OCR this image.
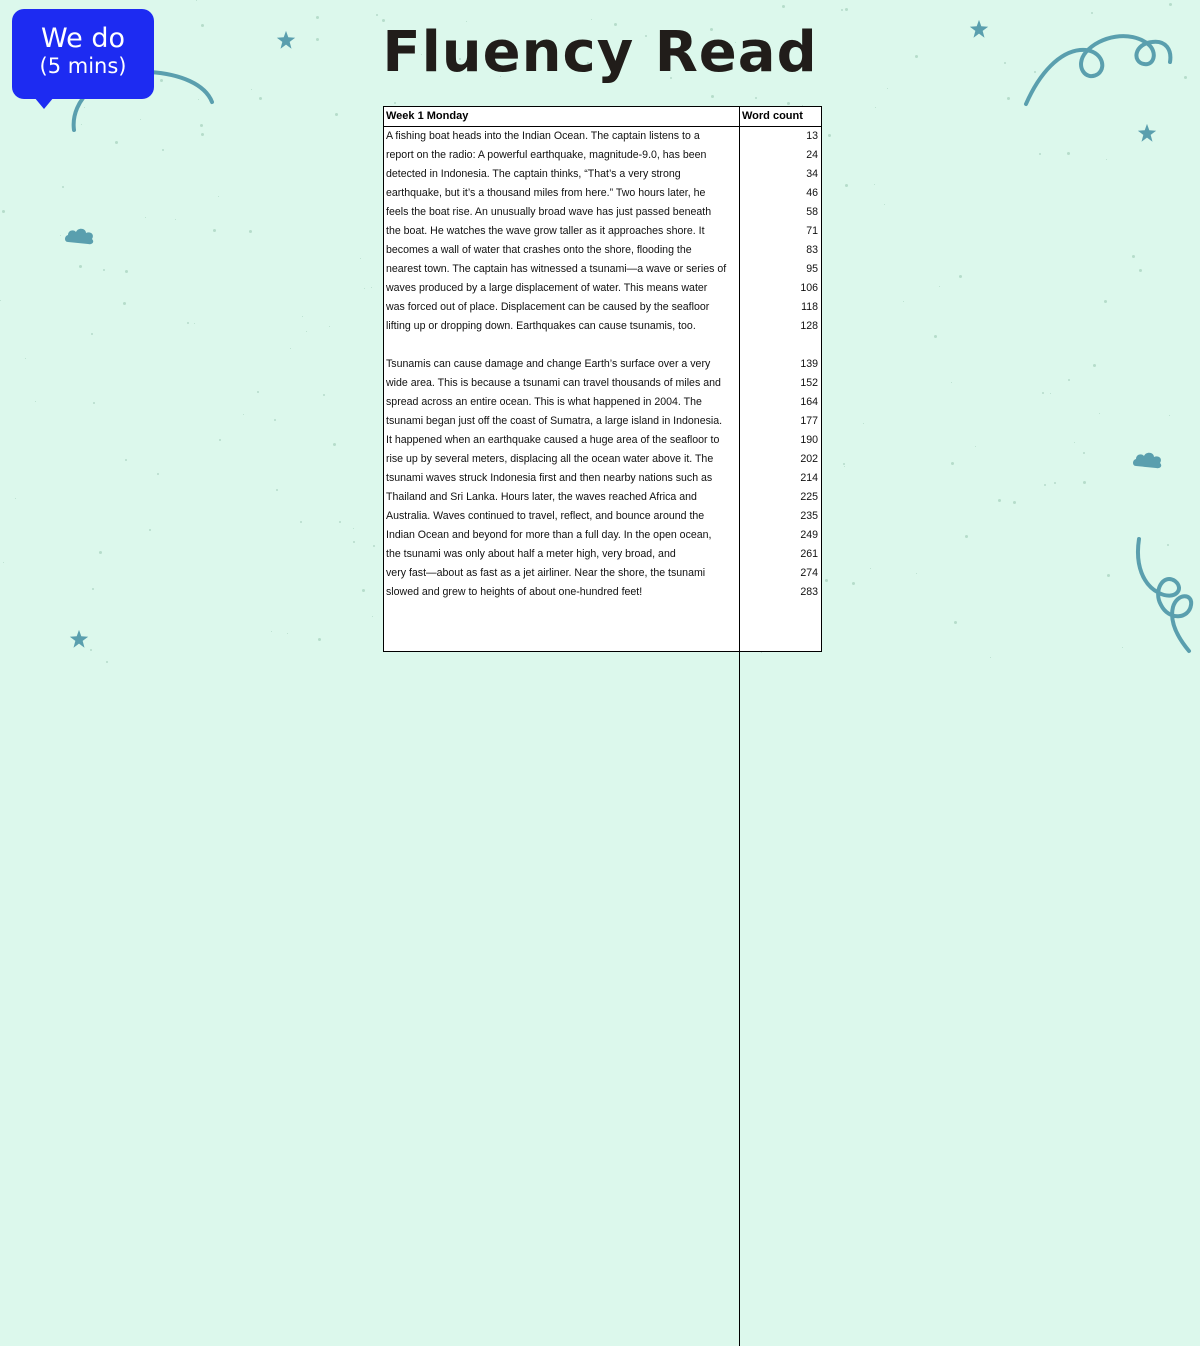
We do
(5 mins)	Fluency Read
Week 1 Monday	Word count
A fishing boat heads into the Indian Ocean. The captain listens to a	13
report on the radio: A powerful earthquake, magnitude-9.0, has been	24
detected in Indonesia. The captain thinks, “That’s a very strong	34
earthquake, but it’s a thousand miles from here.” Two hours later, he	46
feels the boat rise. An unusually broad wave has just passed beneath	58
the boat. He watches the wave grow taller as it approaches shore. It	71
becomes a wall of water that crashes onto the shore, flooding the	83
nearest town. The captain has witnessed a tsunami—a wave or series of	95
waves produced by a large displacement of water. This means water	106
was forced out of place. Displacement can be caused by the seafloor	118
lifting up or dropping down. Earthquakes can cause tsunamis, too.	128
Tsunamis can cause damage and change Earth’s surface over a very	139
wide area. This is because a tsunami can travel thousands of miles and	152
spread across an entire ocean. This is what happened in 2004. The	164
tsunami began just off the coast of Sumatra, a large island in Indonesia.	177
It happened when an earthquake caused a huge area of the seafloor to	190
rise up by several meters, displacing all the ocean water above it. The	202
tsunami waves struck Indonesia first and then nearby nations such as	214
Thailand and Sri Lanka. Hours later, the waves reached Africa and	225
Australia. Waves continued to travel, reflect, and bounce around the	235
Indian Ocean and beyond for more than a full day. In the open ocean,	249
the tsunami was only about half a meter high, very broad, and	261
very fast—about as fast as a jet airliner. Near the shore, the tsunami	274
slowed and grew to heights of about one-hundred feet!	283
